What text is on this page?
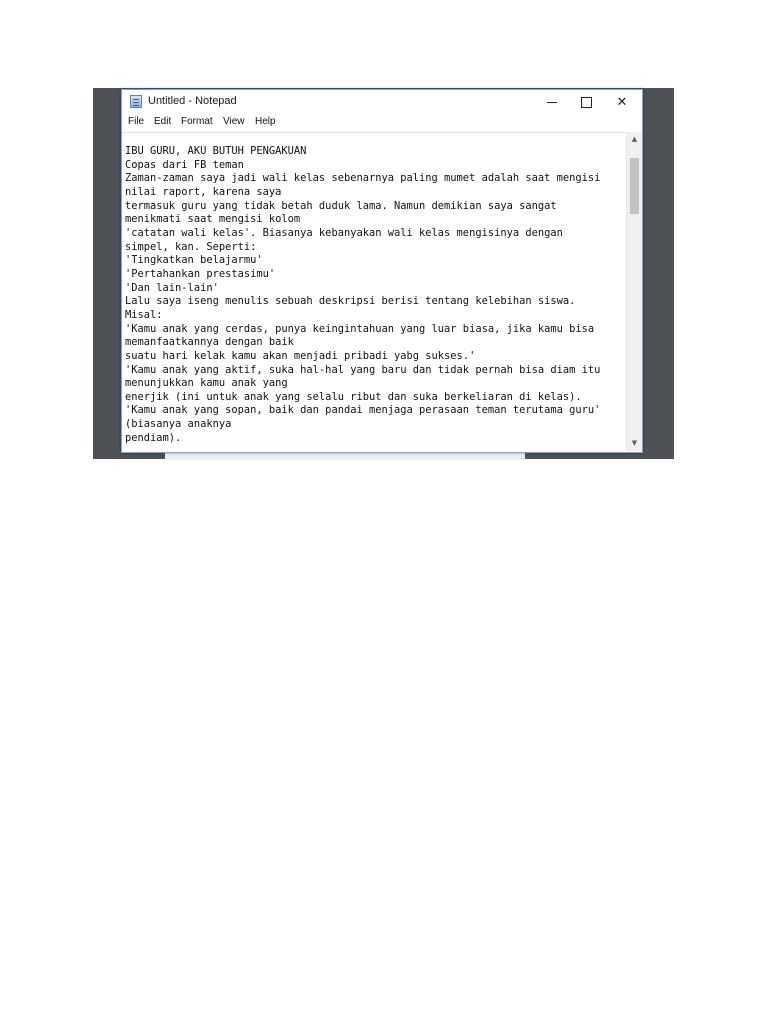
Untitled - Notepad	✕
File Edit Format View Help
IBU GURU, AKU BUTUH PENGAKUAN
Copas dari FB teman
Zaman-zaman saya jadi wali kelas sebenarnya paling mumet adalah saat mengisi
nilai raport, karena saya
termasuk guru yang tidak betah duduk lama. Namun demikian saya sangat
menikmati saat mengisi kolom
'catatan wali kelas'. Biasanya kebanyakan wali kelas mengisinya dengan
simpel, kan. Seperti:
'Tingkatkan belajarmu'
'Pertahankan prestasimu'
'Dan lain-lain'
Lalu saya iseng menulis sebuah deskripsi berisi tentang kelebihan siswa.
Misal:
'Kamu anak yang cerdas, punya keingintahuan yang luar biasa, jika kamu bisa
memanfaatkannya dengan baik
suatu hari kelak kamu akan menjadi pribadi yabg sukses.'
'Kamu anak yang aktif, suka hal-hal yang baru dan tidak pernah bisa diam itu
menunjukkan kamu anak yang
enerjik (ini untuk anak yang selalu ribut dan suka berkeliaran di kelas).
'Kamu anak yang sopan, baik dan pandai menjaga perasaan teman terutama guru'
(biasanya anaknya
pendiam).
▲
▼
